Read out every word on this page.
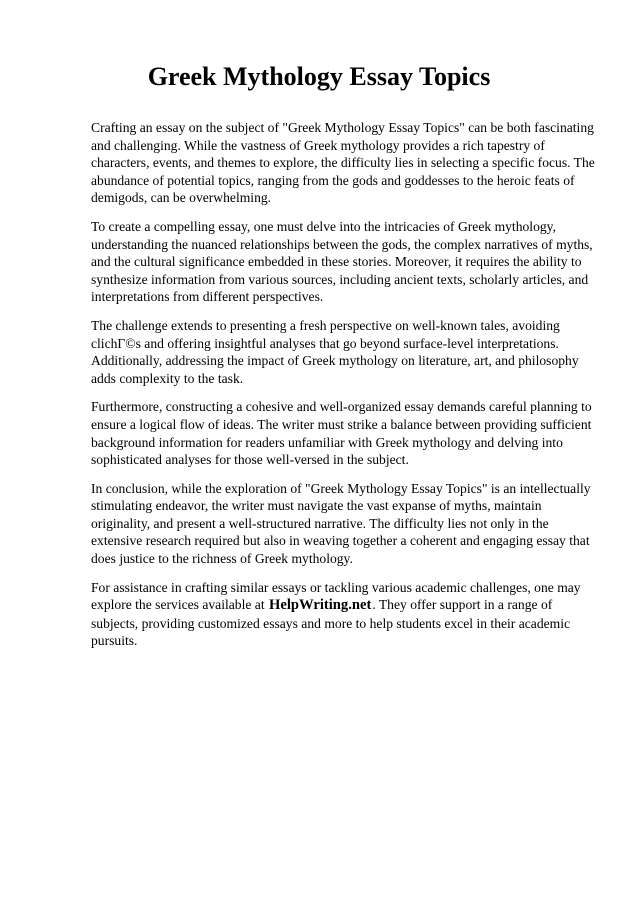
Greek Mythology Essay Topics

Crafting an essay on the subject of "Greek Mythology Essay Topics" can be both fascinating and challenging. While the vastness of Greek mythology provides a rich tapestry of characters, events, and themes to explore, the difficulty lies in selecting a specific focus. The abundance of potential topics, ranging from the gods and goddesses to the heroic feats of demigods, can be overwhelming.

To create a compelling essay, one must delve into the intricacies of Greek mythology, understanding the nuanced relationships between the gods, the complex narratives of myths, and the cultural significance embedded in these stories. Moreover, it requires the ability to synthesize information from various sources, including ancient texts, scholarly articles, and interpretations from different perspectives.

The challenge extends to presenting a fresh perspective on well-known tales, avoiding clichГ©s and offering insightful analyses that go beyond surface-level interpretations. Additionally, addressing the impact of Greek mythology on literature, art, and philosophy adds complexity to the task.

Furthermore, constructing a cohesive and well-organized essay demands careful planning to ensure a logical flow of ideas. The writer must strike a balance between providing sufficient background information for readers unfamiliar with Greek mythology and delving into sophisticated analyses for those well-versed in the subject.

In conclusion, while the exploration of "Greek Mythology Essay Topics" is an intellectually stimulating endeavor, the writer must navigate the vast expanse of myths, maintain originality, and present a well-structured narrative. The difficulty lies not only in the extensive research required but also in weaving together a coherent and engaging essay that does justice to the richness of Greek mythology.

For assistance in crafting similar essays or tackling various academic challenges, one may explore the services available at HelpWriting.net. They offer support in a range of subjects, providing customized essays and more to help students excel in their academic pursuits.
